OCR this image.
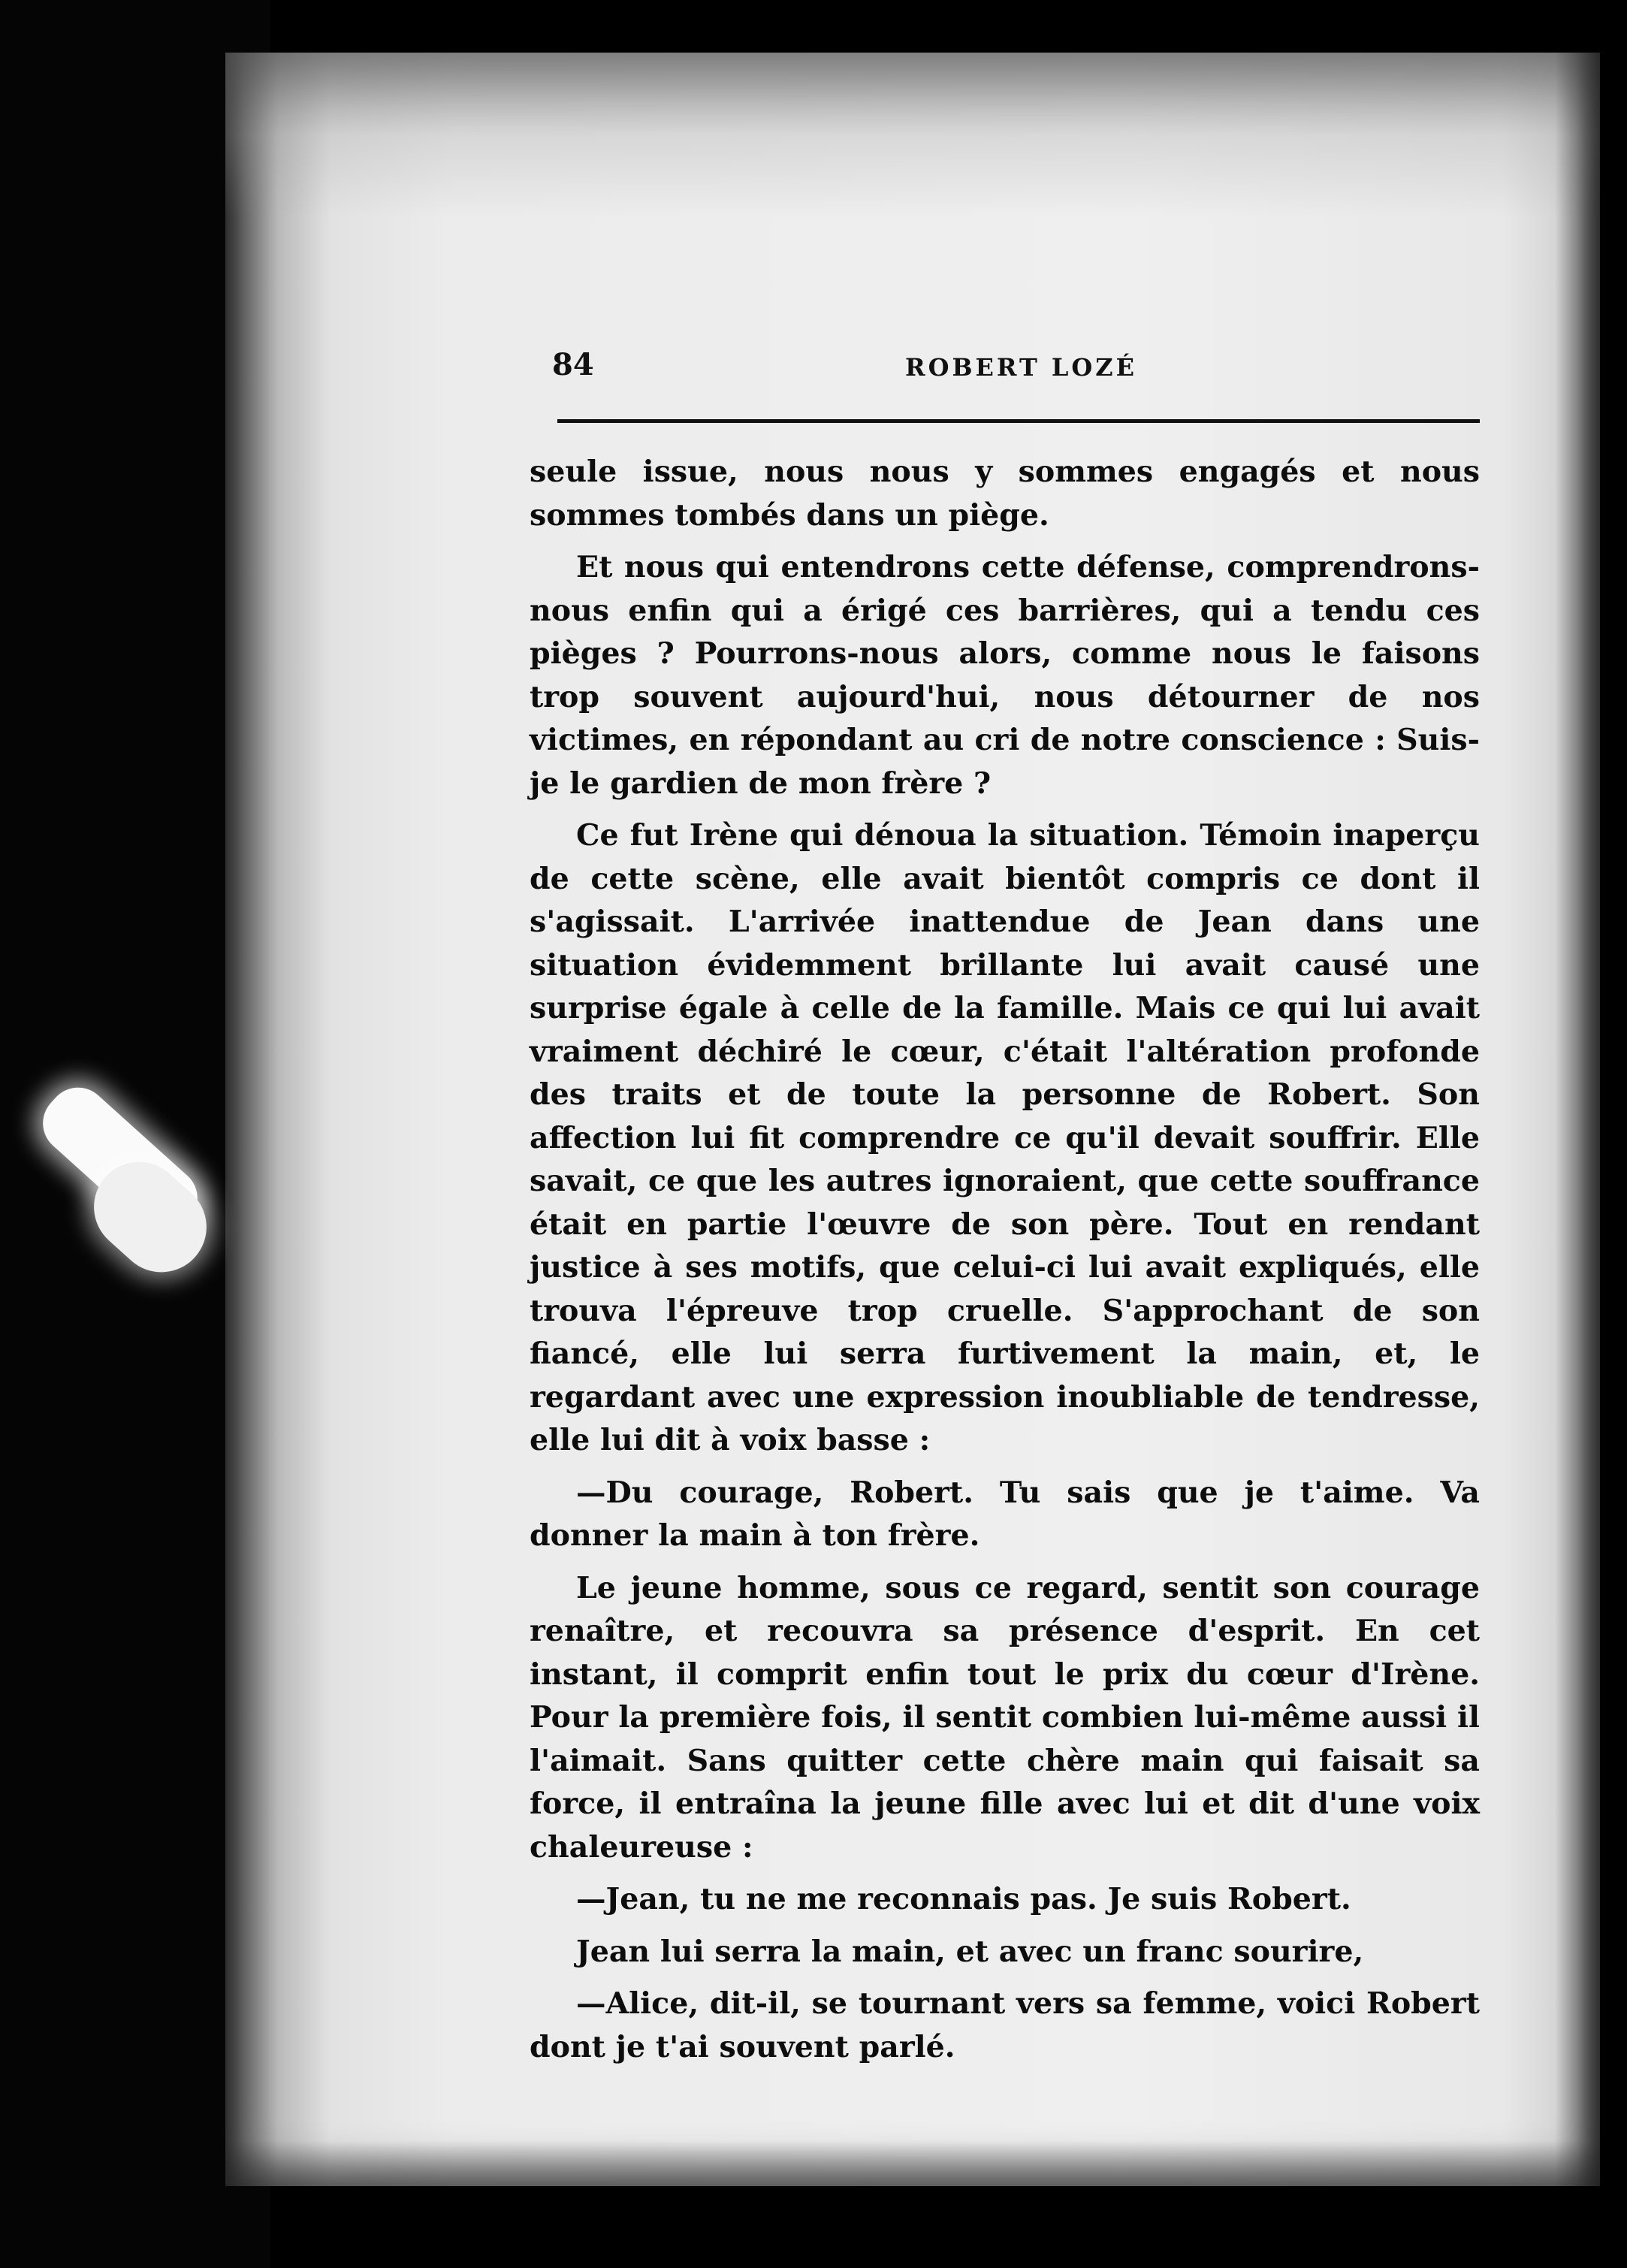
84	ROBERT LOZÉ

seule issue, nous nous y sommes engagés et nous sommes tombés dans un piège.

Et nous qui entendrons cette défense, comprendrons-nous enfin qui a érigé ces barrières, qui a tendu ces pièges ? Pourrons-nous alors, comme nous le faisons trop souvent aujourd'hui, nous détourner de nos victimes, en répondant au cri de notre conscience : Suis-je le gardien de mon frère ?

Ce fut Irène qui dénoua la situation. Témoin inaperçu de cette scène, elle avait bientôt compris ce dont il s'agissait. L'arrivée inattendue de Jean dans une situation évidemment brillante lui avait causé une surprise égale à celle de la famille. Mais ce qui lui avait vraiment déchiré le cœur, c'était l'altération profonde des traits et de toute la personne de Robert. Son affection lui fit comprendre ce qu'il devait souffrir. Elle savait, ce que les autres ignoraient, que cette souffrance était en partie l'œuvre de son père. Tout en rendant justice à ses motifs, que celui-ci lui avait expliqués, elle trouva l'épreuve trop cruelle. S'approchant de son fiancé, elle lui serra furtivement la main, et, le regardant avec une expression inoubliable de tendresse, elle lui dit à voix basse :

—Du courage, Robert. Tu sais que je t'aime. Va donner la main à ton frère.

Le jeune homme, sous ce regard, sentit son courage renaître, et recouvra sa présence d'esprit. En cet instant, il comprit enfin tout le prix du cœur d'Irène. Pour la première fois, il sentit combien lui-même aussi il l'aimait. Sans quitter cette chère main qui faisait sa force, il entraîna la jeune fille avec lui et dit d'une voix chaleureuse :

—Jean, tu ne me reconnais pas. Je suis Robert.

Jean lui serra la main, et avec un franc sourire,

—Alice, dit-il, se tournant vers sa femme, voici Robert dont je t'ai souvent parlé.
